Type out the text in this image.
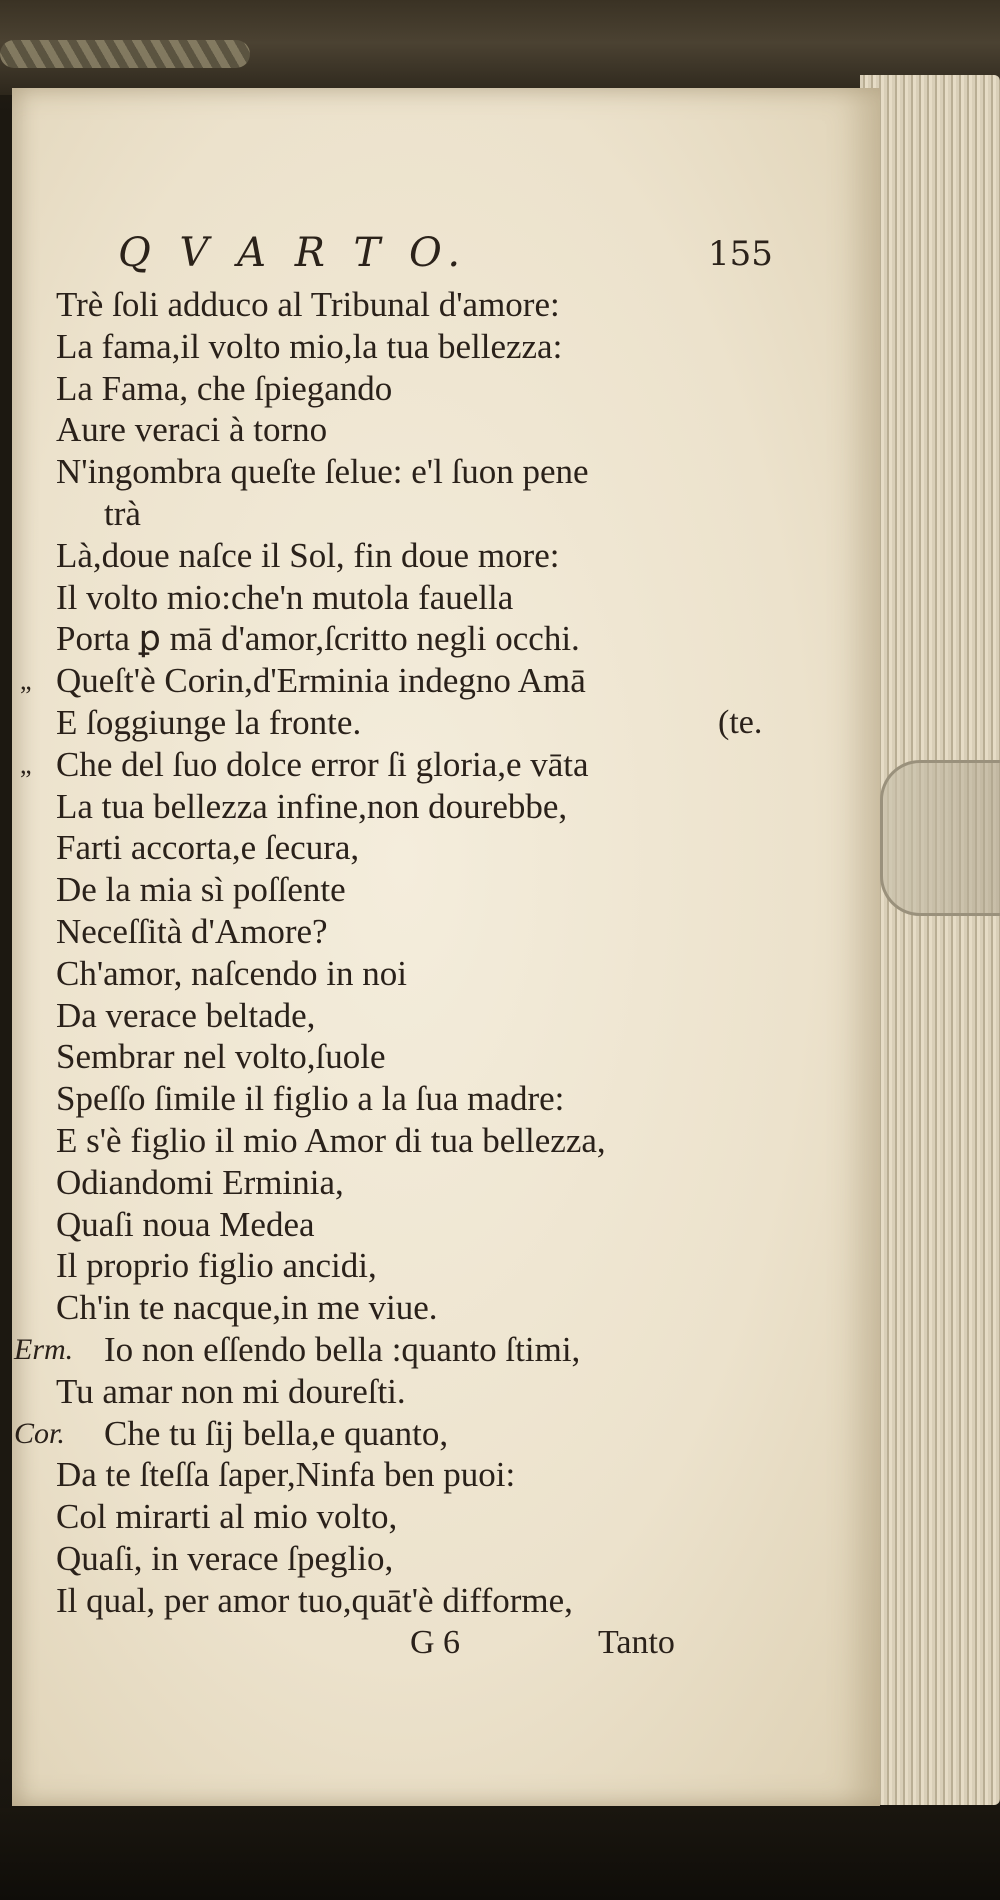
Q V A R T O.	155
Trè ſoli adduco al Tribunal d'amore:
La fama,il volto mio,la tua bellezza:
La Fama, che ſpiegando
Aure veraci à torno
N'ingombra queſte ſelue: e'l ſuon pene
trà
Là,doue naſce il Sol, fin doue more:
Il volto mio:che'n mutola fauella
Porta ꝑ mā d'amor,ſcritto negli occhi.
„ Queſt'è Corin,d'Erminia indegno Amā
E ſoggiunge la fronte.	(te.
„ Che del ſuo dolce error ſi gloria,e vāta
La tua bellezza infine,non dourebbe,
Farti accorta,e ſecura,
De la mia sì poſſente
Neceſſità d'Amore?
Ch'amor, naſcendo in noi
Da verace beltade,
Sembrar nel volto,ſuole
Speſſo ſimile il figlio a la ſua madre:
E s'è figlio il mio Amor di tua bellezza,
Odiandomi Erminia,
Quaſi noua Medea
Il proprio figlio ancidi,
Ch'in te nacque,in me viue.
Erm. Io non eſſendo bella :quanto ſtimi,
Tu amar non mi doureſti.
Cor. Che tu ſij bella,e quanto,
Da te ſteſſa ſaper,Ninfa ben puoi:
Col mirarti al mio volto,
Quaſi, in verace ſpeglio,
Il qual, per amor tuo,quāt'è difforme,
G 6	Tanto
